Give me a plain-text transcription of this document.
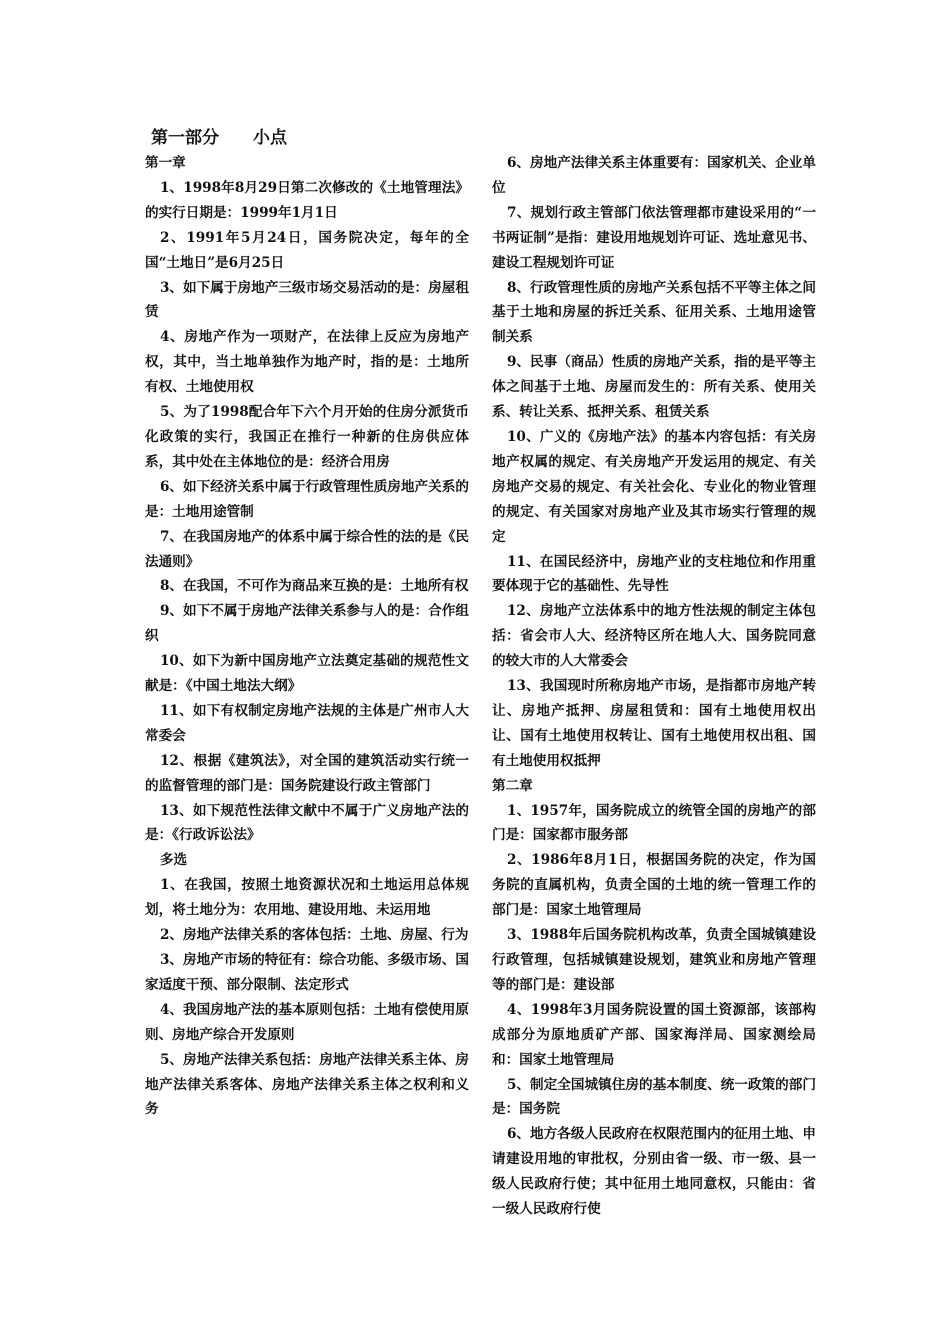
第一部分　　小点

第一章

1、1998年8月29日第二次修改的《土地管理法》的实行日期是：1999年1月1日

2、1991年5月24日，国务院决定，每年的全国“土地日”是6月25日

3、如下属于房地产三级市场交易活动的是：房屋租赁

4、房地产作为一项财产，在法律上反应为房地产权，其中，当土地单独作为地产时，指的是：土地所有权、土地使用权

5、为了1998配合年下六个月开始的住房分派货币化政策的实行，我国正在推行一种新的住房供应体系，其中处在主体地位的是：经济合用房

6、如下经济关系中属于行政管理性质房地产关系的是：土地用途管制

7、在我国房地产的体系中属于综合性的法的是《民法通则》

8、在我国，不可作为商品来互换的是：土地所有权

9、如下不属于房地产法律关系参与人的是：合作组织

10、如下为新中国房地产立法奠定基础的规范性文献是：《中国土地法大纲》

11、如下有权制定房地产法规的主体是广州市人大常委会

12、根据《建筑法》，对全国的建筑活动实行统一的监督管理的部门是：国务院建设行政主管部门

13、如下规范性法律文献中不属于广义房地产法的是：《行政诉讼法》

多选

1、在我国，按照土地资源状况和土地运用总体规划，将土地分为：农用地、建设用地、未运用地

2、房地产法律关系的客体包括：土地、房屋、行为

3、房地产市场的特征有：综合功能、多级市场、国家适度干预、部分限制、法定形式

4、我国房地产法的基本原则包括：土地有偿使用原则、房地产综合开发原则

5、房地产法律关系包括：房地产法律关系主体、房地产法律关系客体、房地产法律关系主体之权利和义务

6、房地产法律关系主体重要有：国家机关、企业单位

7、规划行政主管部门依法管理都市建设采用的“一书两证制”是指：建设用地规划许可证、选址意见书、建设工程规划许可证

8、行政管理性质的房地产关系包括不平等主体之间基于土地和房屋的拆迁关系、征用关系、土地用途管制关系

9、民事（商品）性质的房地产关系，指的是平等主体之间基于土地、房屋而发生的：所有关系、使用关系、转让关系、抵押关系、租赁关系

10、广义的《房地产法》的基本内容包括：有关房地产权属的规定、有关房地产开发运用的规定、有关房地产交易的规定、有关社会化、专业化的物业管理的规定、有关国家对房地产业及其市场实行管理的规定

11、在国民经济中，房地产业的支柱地位和作用重要体现于它的基础性、先导性

12、房地产立法体系中的地方性法规的制定主体包括：省会市人大、经济特区所在地人大、国务院同意的较大市的人大常委会

13、我国现时所称房地产市场，是指都市房地产转让、房地产抵押、房屋租赁和：国有土地使用权出让、国有土地使用权转让、国有土地使用权出租、国有土地使用权抵押

第二章

1、1957年，国务院成立的统管全国的房地产的部门是：国家都市服务部

2、1986年8月1日，根据国务院的决定，作为国务院的直属机构，负责全国的土地的统一管理工作的部门是：国家土地管理局

3、1988年后国务院机构改革，负责全国城镇建设行政管理，包括城镇建设规划，建筑业和房地产管理等的部门是：建设部

4、1998年3月国务院设置的国土资源部，该部构成部分为原地质矿产部、国家海洋局、国家测绘局和：国家土地管理局

5、制定全国城镇住房的基本制度、统一政策的部门是：国务院

6、地方各级人民政府在权限范围内的征用土地、申请建设用地的审批权，分别由省一级、市一级、县一级人民政府行使；其中征用土地同意权，只能由：省一级人民政府行使
